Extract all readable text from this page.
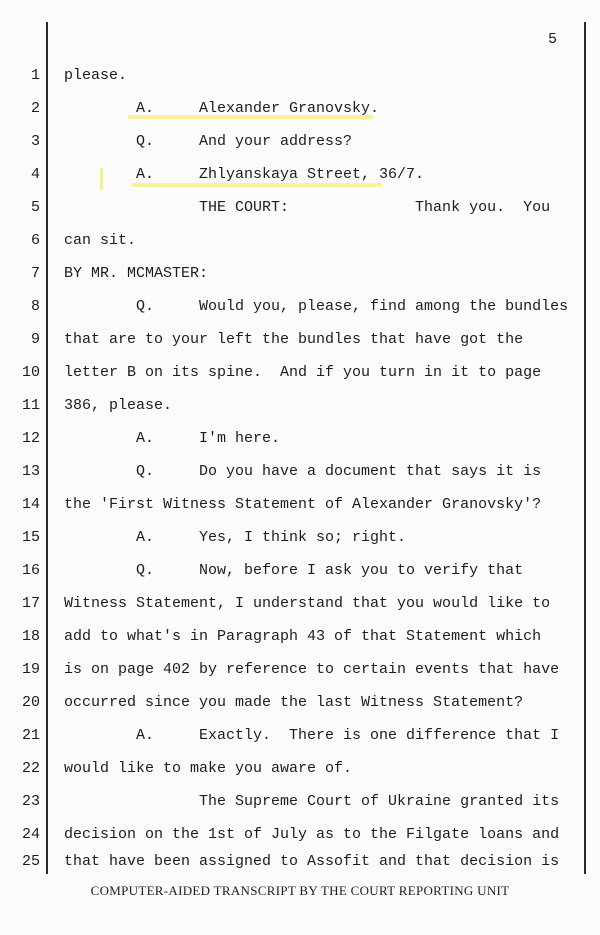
5
1 please.
2 A.     Alexander Granovsky.
3 Q.     And your address?
4 A.     Zhlyanskaya Street, 36/7.
5 THE COURT:              Thank you.  You
6 can sit.
7 BY MR. MCMASTER:
8 Q.     Would you, please, find among the bundles
9 that are to your left the bundles that have got the
10 letter B on its spine.  And if you turn in it to page
11 386, please.
12 A.     I'm here.
13 Q.     Do you have a document that says it is
14 the 'First Witness Statement of Alexander Granovsky'?
15 A.     Yes, I think so; right.
16 Q.     Now, before I ask you to verify that
17 Witness Statement, I understand that you would like to
18 add to what's in Paragraph 43 of that Statement which
19 is on page 402 by reference to certain events that have
20 occurred since you made the last Witness Statement?
21 A.     Exactly.  There is one difference that I
22 would like to make you aware of.
23 The Supreme Court of Ukraine granted its
24 decision on the 1st of July as to the Filgate loans and
25 that have been assigned to Assofit and that decision is
COMPUTER-AIDED TRANSCRIPT BY THE COURT REPORTING UNIT
